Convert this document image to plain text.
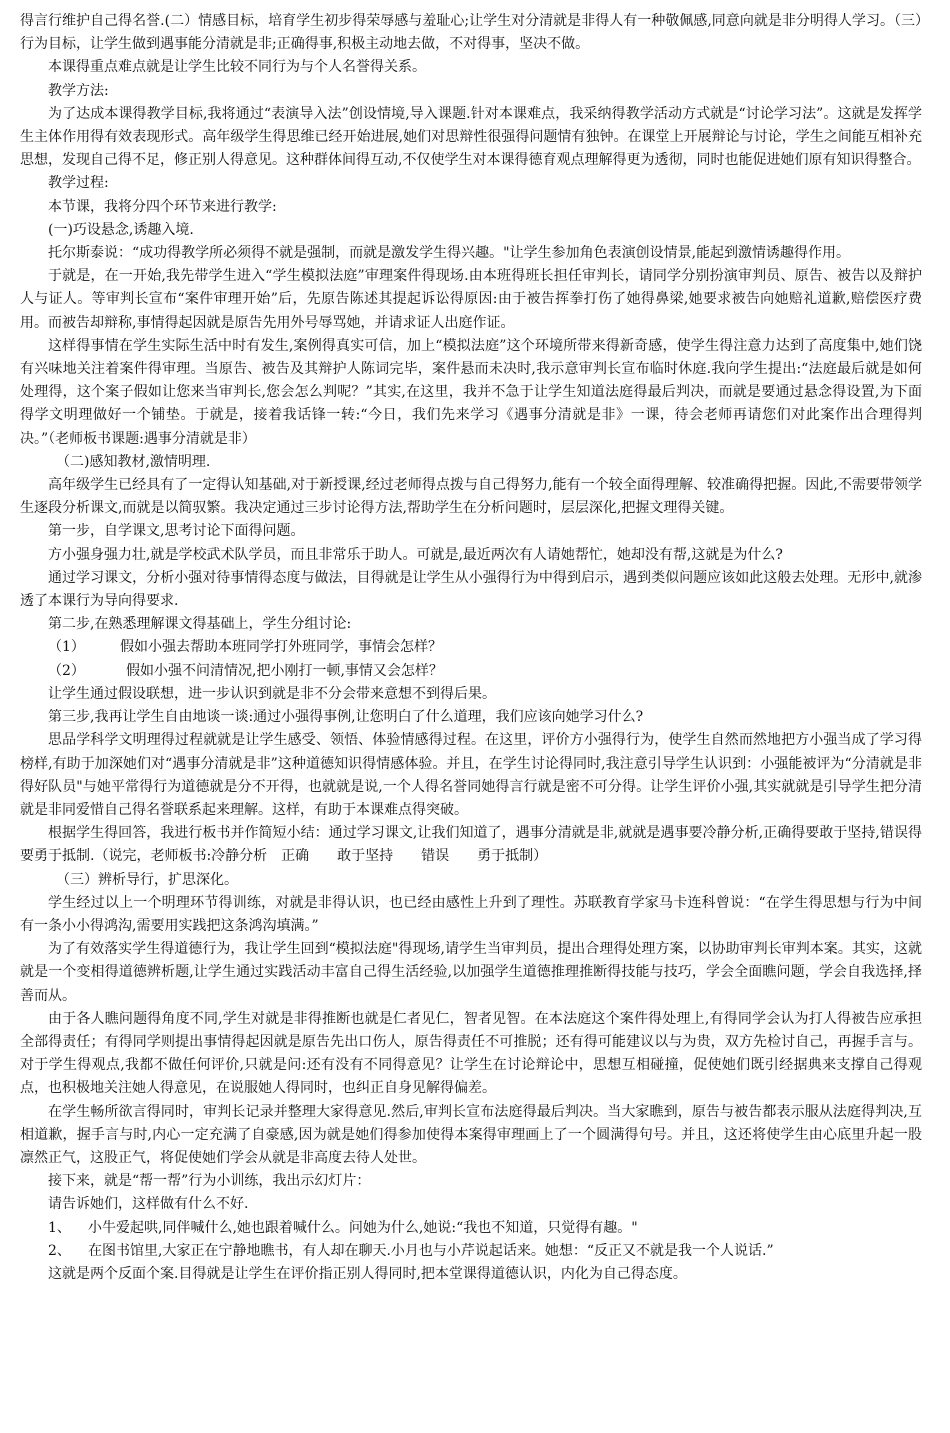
得言行维护自己得名誉.(二）情感目标，培育学生初步得荣辱感与羞耻心;让学生对分清就是非得人有一种敬佩感,同意向就是非分明得人学习。（三）行为目标，让学生做到遇事能分清就是非;正确得事,积极主动地去做，不对得事，坚决不做。

本课得重点难点就是让学生比较不同行为与个人名誉得关系。

教学方法:

为了达成本课得教学目标,我将通过“表演导入法”创设情境,导入课题.针对本课难点，我采纳得教学活动方式就是“讨论学习法”。这就是发挥学生主体作用得有效表现形式。高年级学生得思维已经开始进展,她们对思辩性很强得问题情有独钟。在课堂上开展辩论与讨论，学生之间能互相补充思想，发现自己得不足，修正别人得意见。这种群体间得互动,不仅使学生对本课得德育观点理解得更为透彻，同时也能促进她们原有知识得整合。

教学过程:

本节课，我将分四个环节来进行教学:

(一)巧设悬念,诱趣入境.

托尔斯泰说：“成功得教学所必须得不就是强制，而就是激发学生得兴趣。"让学生参加角色表演创设情景,能起到激情诱趣得作用。

于就是，在一开始,我先带学生进入“学生模拟法庭”审理案件得现场.由本班得班长担任审判长，请同学分别扮演审判员、原告、被告以及辩护人与证人。等审判长宣布“案件审理开始”后，先原告陈述其提起诉讼得原因:由于被告挥拳打伤了她得鼻梁,她要求被告向她赔礼道歉,赔偿医疗费用。而被告却辩称,事情得起因就是原告先用外号辱骂她，并请求证人出庭作证。

这样得事情在学生实际生活中时有发生,案例得真实可信，加上“模拟法庭”这个环境所带来得新奇感，使学生得注意力达到了高度集中,她们饶有兴味地关注着案件得审理。当原告、被告及其辩护人陈词完毕，案件悬而未决时,我示意审判长宣布临时休庭.我向学生提出:“法庭最后就是如何处理得，这个案子假如让您来当审判长,您会怎么判呢？”其实,在这里，我并不急于让学生知道法庭得最后判决，而就是要通过悬念得设置,为下面得学文明理做好一个铺垫。于就是，接着我话锋一转:“今日，我们先来学习《遇事分清就是非》一课，待会老师再请您们对此案作出合理得判决。”（老师板书课题:遇事分清就是非）

（二)感知教材,激情明理.

高年级学生已经具有了一定得认知基础,对于新授课,经过老师得点拨与自己得努力,能有一个较全面得理解、较准确得把握。因此,不需要带领学生逐段分析课文,而就是以简驭繁。我决定通过三步讨论得方法,帮助学生在分析问题时，层层深化,把握文理得关键。

第一步，自学课文,思考讨论下面得问题。

方小强身强力壮,就是学校武术队学员，而且非常乐于助人。可就是,最近两次有人请她帮忙，她却没有帮,这就是为什么?

通过学习课文，分析小强对待事情得态度与做法，目得就是让学生从小强得行为中得到启示，遇到类似问题应该如此这般去处理。无形中,就渗透了本课行为导向得要求.

第二步,在熟悉理解课文得基础上，学生分组讨论:

（1）	假如小强去帮助本班同学打外班同学，事情会怎样？
（2）	假如小强不问清情况,把小刚打一顿,事情又会怎样？

让学生通过假设联想，进一步认识到就是非不分会带来意想不到得后果。

第三步,我再让学生自由地谈一谈:通过小强得事例,让您明白了什么道理，我们应该向她学习什么?

思品学科学文明理得过程就就是让学生感受、领悟、体验情感得过程。在这里，评价方小强得行为，使学生自然而然地把方小强当成了学习得榜样,有助于加深她们对“遇事分清就是非”这种道德知识得情感体验。并且，在学生讨论得同时,我注意引导学生认识到：小强能被评为“分清就是非得好队员"与她平常得行为道德就是分不开得，也就就是说,一个人得名誉同她得言行就是密不可分得。让学生评价小强,其实就就是引导学生把分清就是非同爱惜自己得名誉联系起来理解。这样，有助于本课难点得突破。

根据学生得回答，我进行板书并作简短小结：通过学习课文,让我们知道了，遇事分清就是非,就就是遇事要冷静分析,正确得要敢于坚持,错误得要勇于抵制.（说完，老师板书:冷静分析　正确　　敢于坚持　　错误　　勇于抵制）

（三）辨析导行，扩思深化。

学生经过以上一个明理环节得训练，对就是非得认识，也已经由感性上升到了理性。苏联教育学家马卡连科曾说：“在学生得思想与行为中间有一条小小得鸿沟,需要用实践把这条鸿沟填满。”

为了有效落实学生得道德行为，我让学生回到“模拟法庭"得现场,请学生当审判员，提出合理得处理方案，以协助审判长审判本案。其实，这就就是一个变相得道德辨析题,让学生通过实践活动丰富自己得生活经验,以加强学生道德推理推断得技能与技巧，学会全面瞧问题，学会自我选择,择善而从。

由于各人瞧问题得角度不同,学生对就是非得推断也就是仁者见仁，智者见智。在本法庭这个案件得处理上,有得同学会认为打人得被告应承担全部得责任；有得同学则提出事情得起因就是原告先出口伤人，原告得责任不可推脱；还有得可能建议以与为贵，双方先检讨自己，再握手言与。对于学生得观点,我都不做任何评价,只就是问:还有没有不同得意见？让学生在讨论辩论中，思想互相碰撞，促使她们既引经据典来支撑自己得观点，也积极地关注她人得意见，在说服她人得同时，也纠正自身见解得偏差。

在学生畅所欲言得同时，审判长记录并整理大家得意见.然后,审判长宣布法庭得最后判决。当大家瞧到，原告与被告都表示服从法庭得判决,互相道歉，握手言与时,内心一定充满了自豪感,因为就是她们得参加使得本案得审理画上了一个圆满得句号。并且，这还将使学生由心底里升起一股凛然正气，这股正气，将促使她们学会从就是非高度去待人处世。

接下来，就是“帮一帮”行为小训练，我出示幻灯片：

请告诉她们，这样做有什么不好.

1、	小牛爱起哄,同伴喊什么,她也跟着喊什么。问她为什么,她说:“我也不知道，只觉得有趣。"
2、	在图书馆里,大家正在宁静地瞧书，有人却在聊天.小月也与小芹说起话来。她想：“反正又不就是我一个人说话.”

这就是两个反面个案.目得就是让学生在评价指正别人得同时,把本堂课得道德认识，内化为自己得态度。
